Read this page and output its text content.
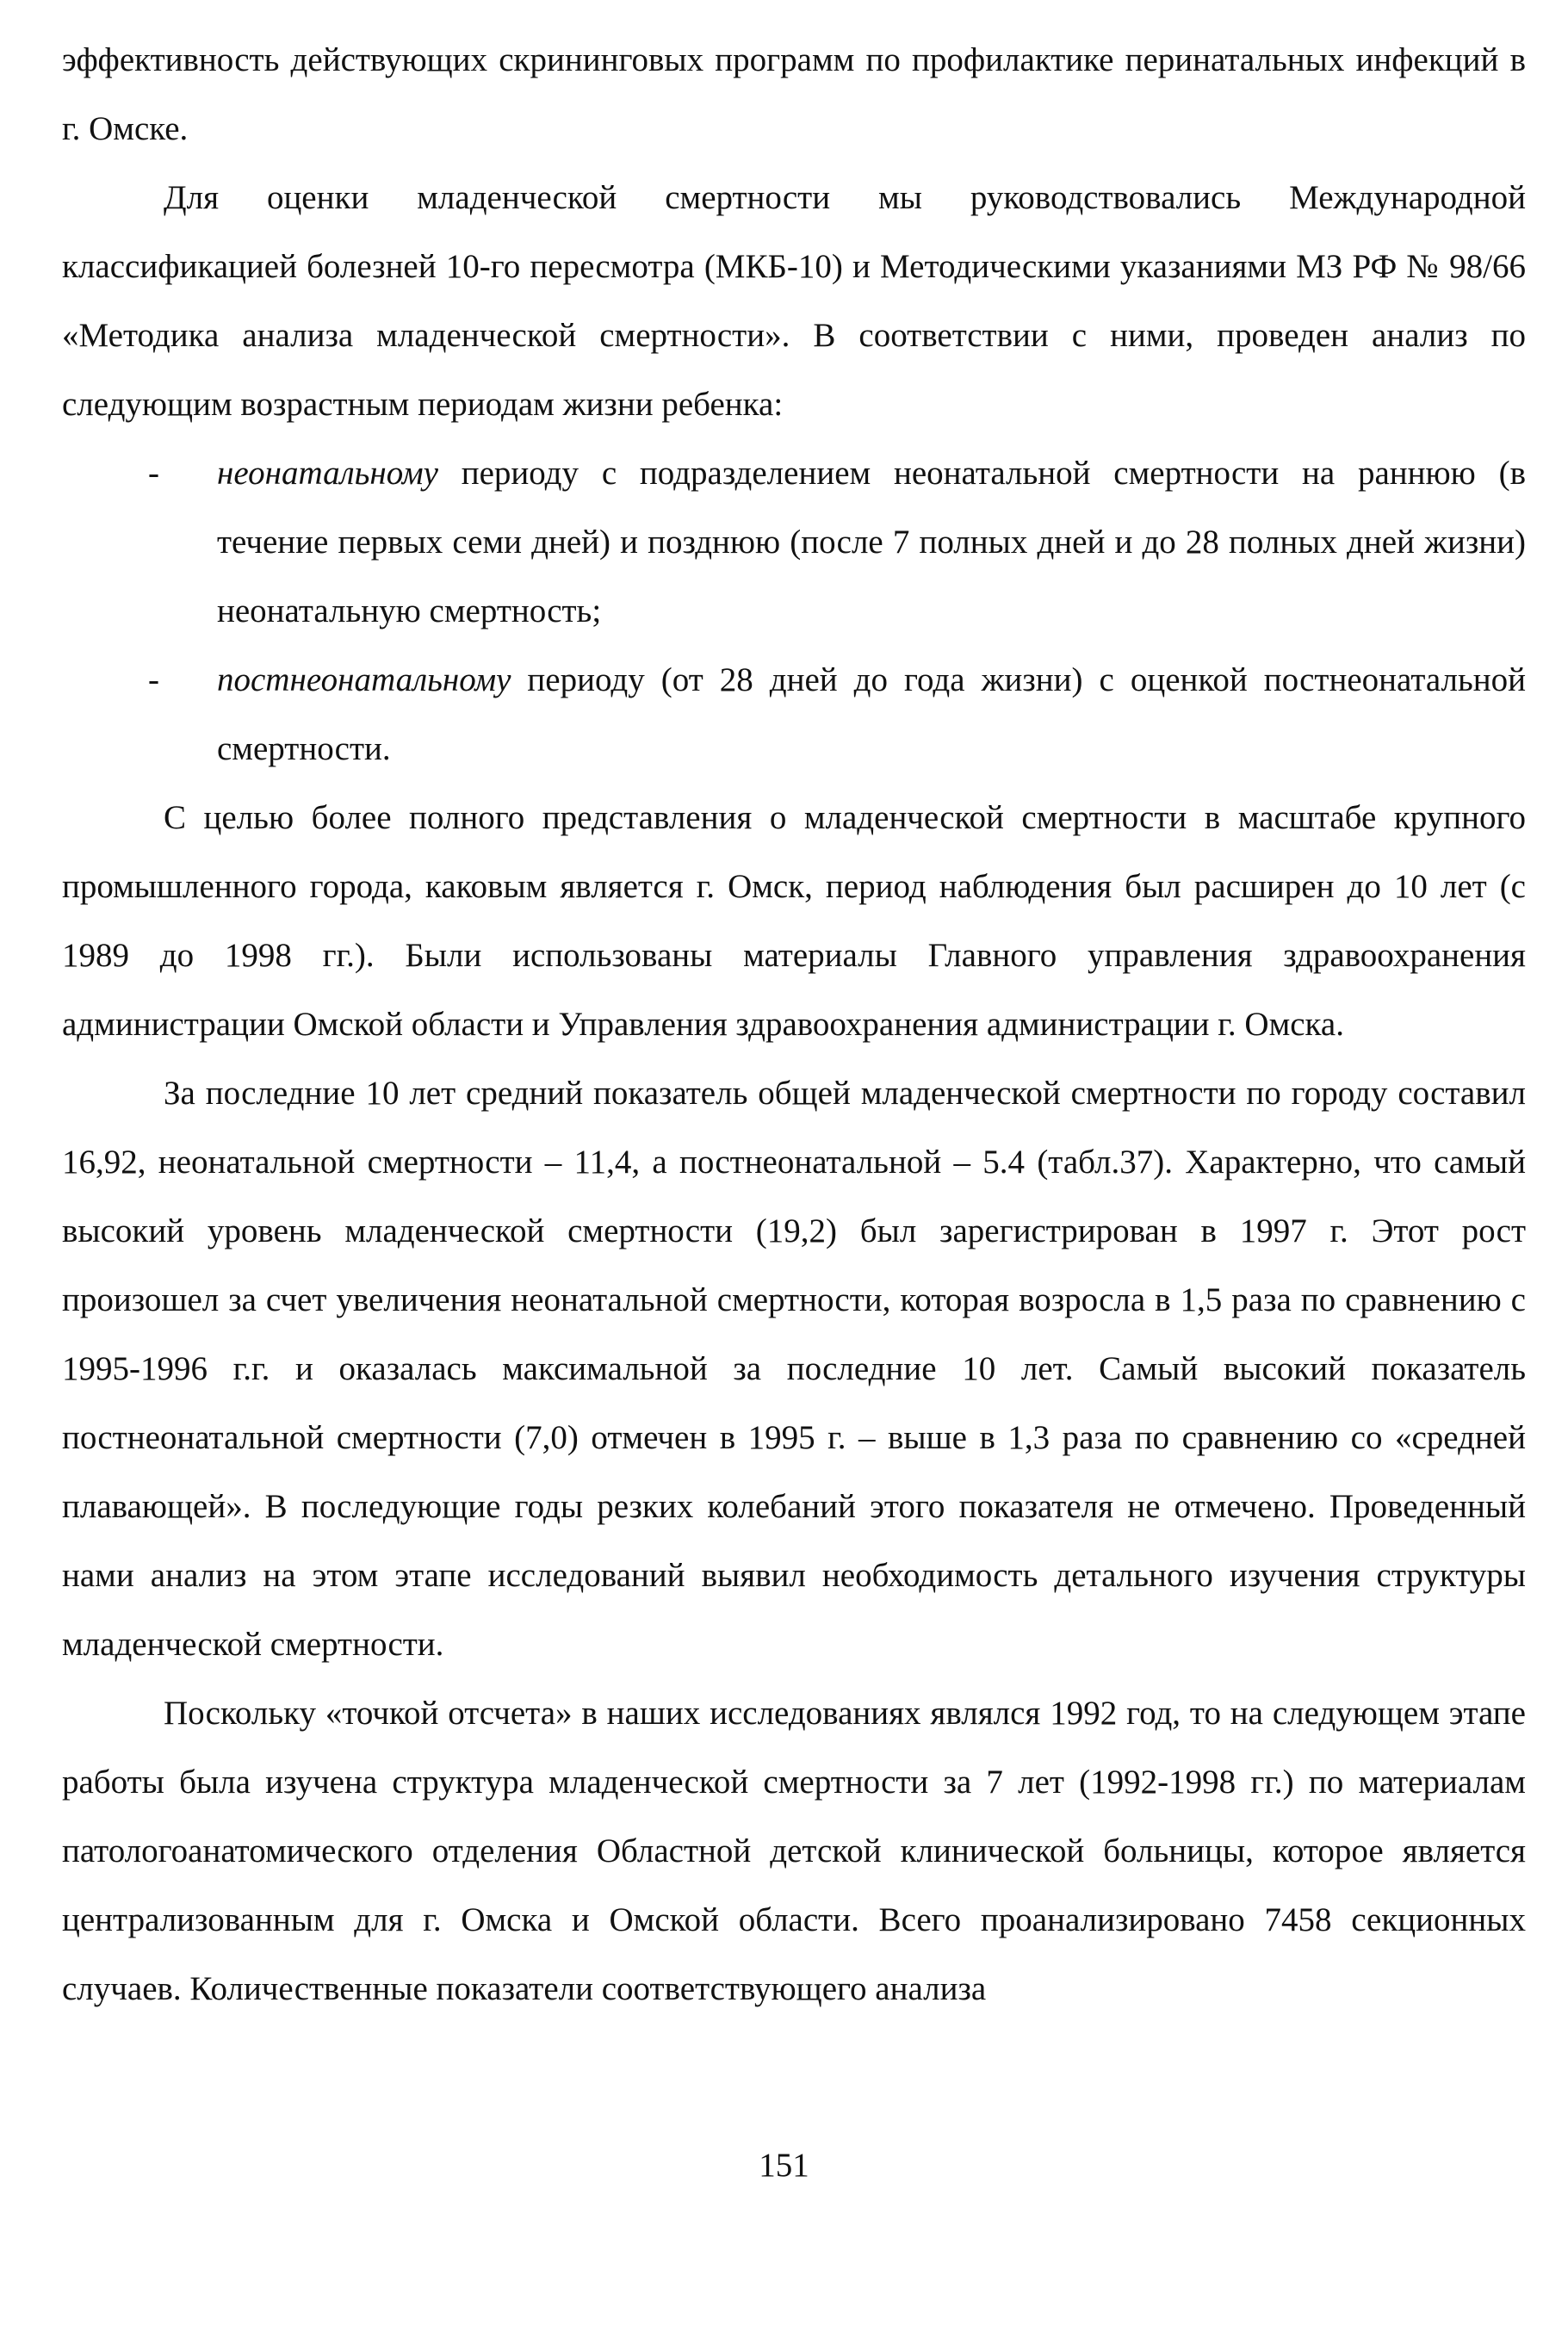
эффективность действующих скрининговых программ по профилактике перинатальных инфекций в г. Омске.

Для оценки младенческой смертности мы руководствовались Международной классификацией болезней 10-го пересмотра (МКБ-10) и Методическими указаниями МЗ РФ № 98/66 «Методика анализа младенческой смертности». В соответствии с ними, проведен анализ по следующим возрастным периодам жизни ребенка:

- неонатальному периоду с подразделением неонатальной смертности на раннюю (в течение первых семи дней) и позднюю (после 7 полных дней и до 28 полных дней жизни) неонатальную смертность;

- постнеонатальному периоду (от 28 дней до года жизни) с оценкой постнеонатальной смертности.

С целью более полного представления о младенческой смертности в масштабе крупного промышленного города, каковым является г. Омск, период наблюдения был расширен до 10 лет (с 1989 до 1998 гг.). Были использованы материалы Главного управления здравоохранения администрации Омской области и Управления здравоохранения администрации г. Омска.

За последние 10 лет средний показатель общей младенческой смертности по городу составил 16,92, неонатальной смертности – 11,4, а постнеонатальной – 5.4 (табл.37). Характерно, что самый высокий уровень младенческой смертности (19,2) был зарегистрирован в 1997 г. Этот рост произошел за счет увеличения неонатальной смертности, которая возросла в 1,5 раза по сравнению с 1995-1996 г.г. и оказалась максимальной за последние 10 лет. Самый высокий показатель постнеонатальной смертности (7,0) отмечен в 1995 г. – выше в 1,3 раза по сравнению со «средней плавающей». В последующие годы резких колебаний этого показателя не отмечено. Проведенный нами анализ на этом этапе исследований выявил необходимость детального изучения структуры младенческой смертности.

Поскольку «точкой отсчета» в наших исследованиях являлся 1992 год, то на следующем этапе работы была изучена структура младенческой смертности за 7 лет (1992-1998 гг.) по материалам патологоанатомического отделения Областной детской клинической больницы, которое является централизованным для г. Омска и Омской области. Всего проанализировано 7458 секционных случаев. Количественные показатели соответствующего анализа

151
